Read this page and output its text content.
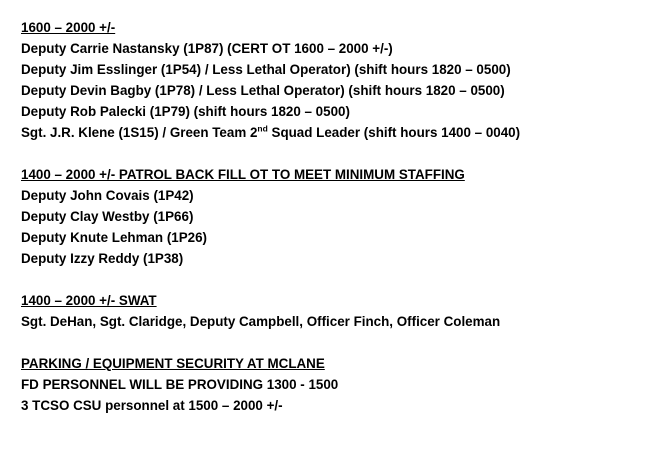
1600 – 2000 +/-
Deputy Carrie Nastansky (1P87) (CERT OT 1600 – 2000 +/-)
Deputy Jim Esslinger (1P54) / Less Lethal Operator) (shift hours 1820 – 0500)
Deputy Devin Bagby (1P78) / Less Lethal Operator) (shift hours 1820 – 0500)
Deputy Rob Palecki (1P79) (shift hours 1820 – 0500)
Sgt. J.R. Klene (1S15) / Green Team 2nd Squad Leader (shift hours 1400 – 0040)
1400 – 2000 +/- PATROL BACK FILL OT TO MEET MINIMUM STAFFING
Deputy John Covais (1P42)
Deputy Clay Westby (1P66)
Deputy Knute Lehman (1P26)
Deputy Izzy Reddy (1P38)
1400 – 2000 +/- SWAT
Sgt. DeHan, Sgt. Claridge, Deputy Campbell, Officer Finch, Officer Coleman
PARKING / EQUIPMENT SECURITY AT MCLANE
FD PERSONNEL WILL BE PROVIDING 1300 - 1500
3 TCSO CSU personnel at 1500 – 2000 +/-
